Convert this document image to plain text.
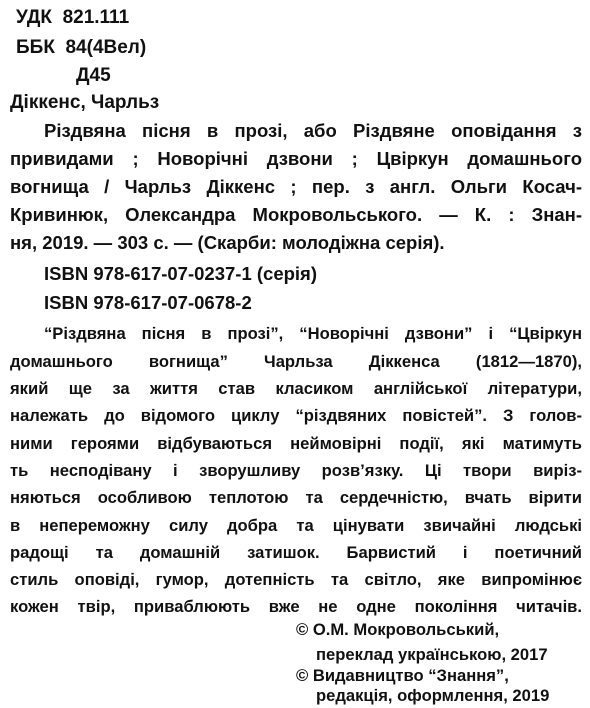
УДК 821.111
ББК 84(4Вел)
Д45
Діккенс, Чарльз
Різдвяна пісня в прозі, або Різдвяне оповідання з
привидами ; Новорічні дзвони ; Цвіркун домашнього
вогнища / Чарльз Діккенс ; пер. з англ. Ольги Косач-
Кривинюк, Олександра Мокровольського. — К. : Знан-
ня, 2019. — 303 с. — (Скарби: молодіжна серія).
ISBN 978-617-07-0237-1 (серія)
ISBN 978-617-07-0678-2
“Різдвяна пісня в прозі”, “Новорічні дзвони” і “Цвіркун
домашнього вогнища” Чарльза Діккенса (1812—1870),
який ще за життя став класиком англійської літератури,
належать до відомого циклу “різдвяних повістей”. З голов-
ними героями відбуваються неймовірні події, які матимуть
ть несподівану і зворушливу розв’язку. Ці твори виріз-
няються особливою теплотою та сердечністю, вчать вірити
в непереможну силу добра та цінувати звичайні людські
радощі та домашній затишок. Барвистий і поетичний
стиль оповіді, гумор, дотепність та світло, яке випромінює
кожен твір, приваблюють вже не одне покоління читачів.
© О.М. Мокровольський,
переклад українською, 2017
© Видавництво “Знання”,
редакція, оформлення, 2019
